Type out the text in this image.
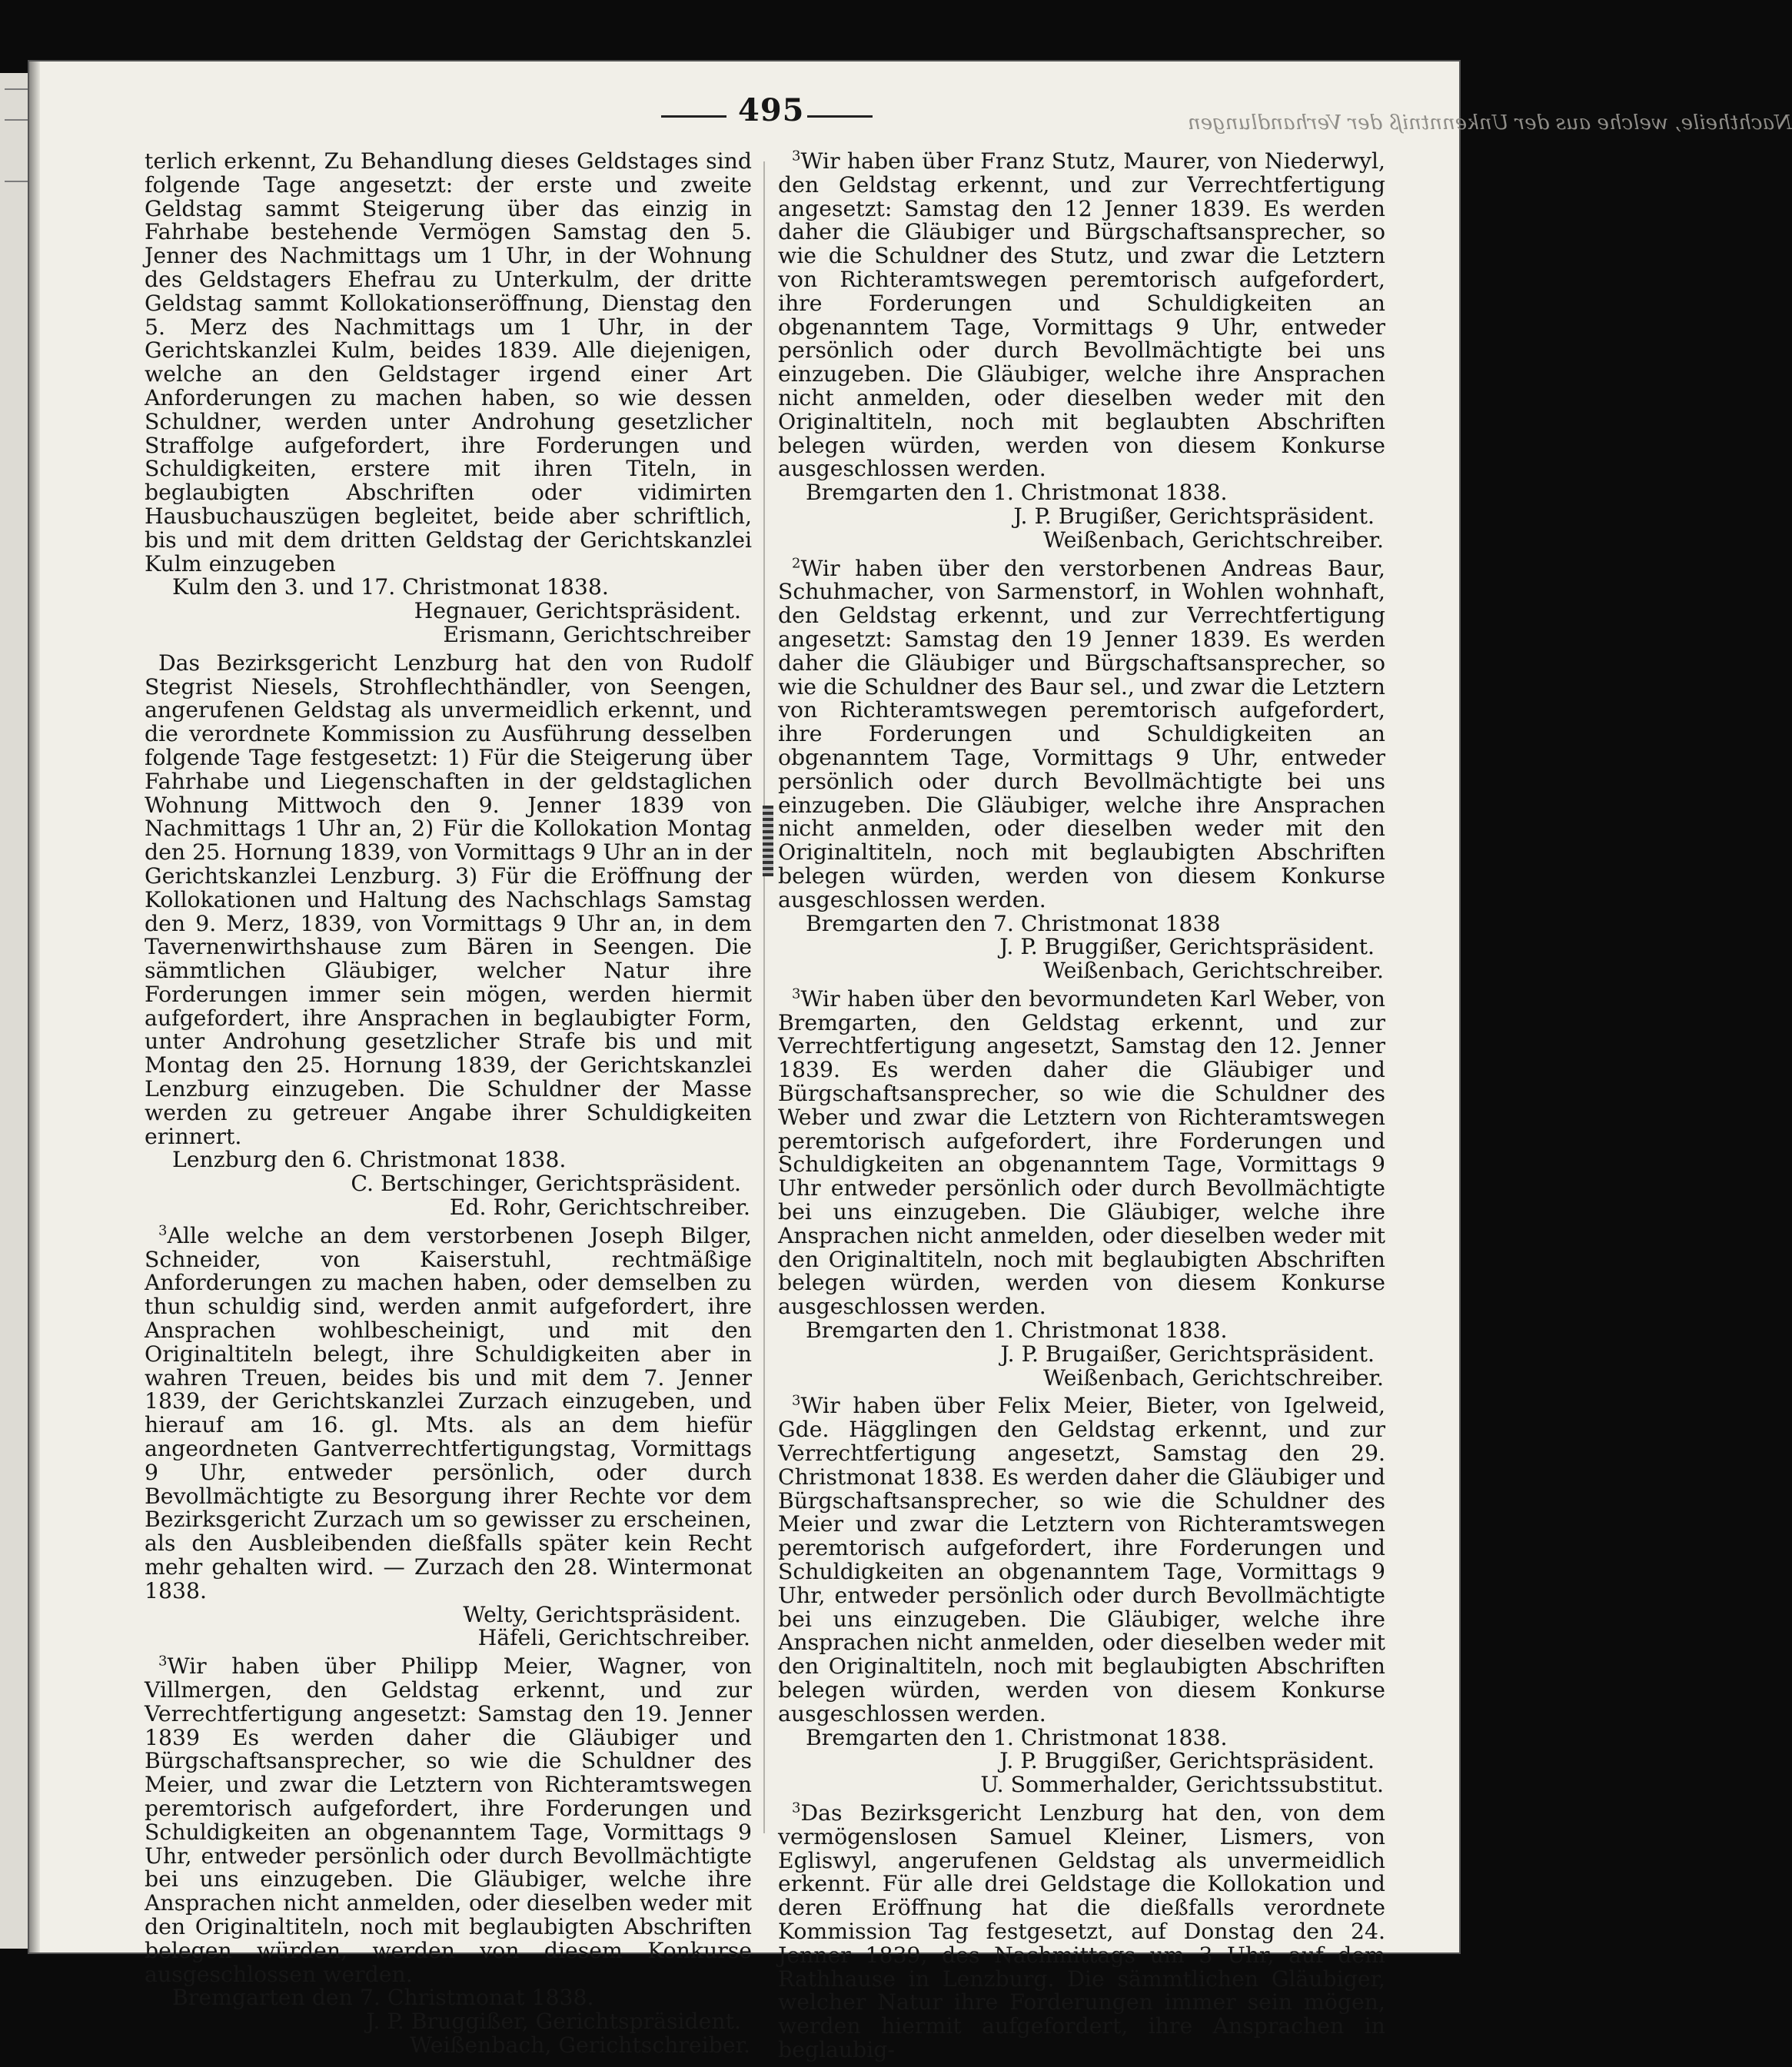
495	Nachtheile, welche aus der Unkenntniß der Verhandlungen

terlich erkennt, Zu Behandlung dieses Geldstages sind folgende Tage angesetzt: der erste und zweite Geldstag sammt Steigerung über das einzig in Fahrhabe bestehende Vermögen Samstag den 5. Jenner des Nachmittags um 1 Uhr, in der Wohnung des Geldstagers Ehefrau zu Unterkulm, der dritte Geldstag sammt Kollokationseröffnung, Dienstag den 5. Merz des Nachmittags um 1 Uhr, in der Gerichtskanzlei Kulm, beides 1839. Alle diejenigen, welche an den Geldstager irgend einer Art Anforderungen zu machen haben, so wie dessen Schuldner, werden unter Androhung gesetzlicher Straffolge aufgefordert, ihre Forderungen und Schuldigkeiten, erstere mit ihren Titeln, in beglaubigten Abschriften oder vidimirten Hausbuchauszügen begleitet, beide aber schriftlich, bis und mit dem dritten Geldstag der Gerichtskanzlei Kulm einzugeben

Kulm den 3. und 17. Christmonat 1838.

Hegnauer, Gerichtspräsident.

Erismann, Gerichtschreiber

Das Bezirksgericht Lenzburg hat den von Rudolf Stegrist Niesels, Strohflechthändler, von Seengen, angerufenen Geldstag als unvermeidlich erkennt, und die verordnete Kommission zu Ausführung desselben folgende Tage festgesetzt: 1) Für die Steigerung über Fahrhabe und Liegenschaften in der geldstaglichen Wohnung Mittwoch den 9. Jenner 1839 von Nachmittags 1 Uhr an, 2) Für die Kollokation Montag den 25. Hornung 1839, von Vormittags 9 Uhr an in der Gerichtskanzlei Lenzburg. 3) Für die Eröffnung der Kollokationen und Haltung des Nachschlags Samstag den 9. Merz, 1839, von Vormittags 9 Uhr an, in dem Tavernenwirthshause zum Bären in Seengen. Die sämmtlichen Gläubiger, welcher Natur ihre Forderungen immer sein mögen, werden hiermit aufgefordert, ihre Ansprachen in beglaubigter Form, unter Androhung gesetzlicher Strafe bis und mit Montag den 25. Hornung 1839, der Gerichtskanzlei Lenzburg einzugeben. Die Schuldner der Masse werden zu getreuer Angabe ihrer Schuldigkeiten erinnert.

Lenzburg den 6. Christmonat 1838.

C. Bertschinger, Gerichtspräsident.

Ed. Rohr, Gerichtschreiber.

$^3$Alle welche an dem verstorbenen Joseph Bilger, Schneider, von Kaiserstuhl, rechtmäßige Anforderungen zu machen haben, oder demselben zu thun schuldig sind, werden anmit aufgefordert, ihre Ansprachen wohlbescheinigt, und mit den Originaltiteln belegt, ihre Schuldigkeiten aber in wahren Treuen, beides bis und mit dem 7. Jenner 1839, der Gerichtskanzlei Zurzach einzugeben, und hierauf am 16. gl. Mts. als an dem hiefür angeordneten Gantverrechtfertigungstag, Vormittags 9 Uhr, entweder persönlich, oder durch Bevollmächtigte zu Besorgung ihrer Rechte vor dem Bezirksgericht Zurzach um so gewisser zu erscheinen, als den Ausbleibenden dießfalls später kein Recht mehr gehalten wird. — Zurzach den 28. Wintermonat 1838.

Welty, Gerichtspräsident.

Häfeli, Gerichtschreiber.

$^3$Wir haben über Philipp Meier, Wagner, von Villmergen, den Geldstag erkennt, und zur Verrechtfertigung angesetzt: Samstag den 19. Jenner 1839 Es werden daher die Gläubiger und Bürgschaftsansprecher, so wie die Schuldner des Meier, und zwar die Letztern von Richteramtswegen peremtorisch aufgefordert, ihre Forderungen und Schuldigkeiten an obgenanntem Tage, Vormittags 9 Uhr, entweder persönlich oder durch Bevollmächtigte bei uns einzugeben. Die Gläubiger, welche ihre Ansprachen nicht anmelden, oder dieselben weder mit den Originaltiteln, noch mit beglaubigten Abschriften belegen würden, werden von diesem Konkurse ausgeschlossen werden.

Bremgarten den 7. Christmonat 1838.

J. P. Bruggißer, Gerichtspräsident.

Weißenbach, Gerichtschreiber.

$^3$Wir haben über Franz Stutz, Maurer, von Niederwyl, den Geldstag erkennt, und zur Verrechtfertigung angesetzt: Samstag den 12 Jenner 1839. Es werden daher die Gläubiger und Bürgschaftsansprecher, so wie die Schuldner des Stutz, und zwar die Letztern von Richteramtswegen peremtorisch aufgefordert, ihre Forderungen und Schuldigkeiten an obgenanntem Tage, Vormittags 9 Uhr, entweder persönlich oder durch Bevollmächtigte bei uns einzugeben. Die Gläubiger, welche ihre Ansprachen nicht anmelden, oder dieselben weder mit den Originaltiteln, noch mit beglaubten Abschriften belegen würden, werden von diesem Konkurse ausgeschlossen werden.

Bremgarten den 1. Christmonat 1838.

J. P. Brugißer, Gerichtspräsident.

Weißenbach, Gerichtschreiber.

$^2$Wir haben über den verstorbenen Andreas Baur, Schuhmacher, von Sarmenstorf, in Wohlen wohnhaft, den Geldstag erkennt, und zur Verrechtfertigung angesetzt: Samstag den 19 Jenner 1839. Es werden daher die Gläubiger und Bürgschaftsansprecher, so wie die Schuldner des Baur sel., und zwar die Letztern von Richteramtswegen peremtorisch aufgefordert, ihre Forderungen und Schuldigkeiten an obgenanntem Tage, Vormittags 9 Uhr, entweder persönlich oder durch Bevollmächtigte bei uns einzugeben. Die Gläubiger, welche ihre Ansprachen nicht anmelden, oder dieselben weder mit den Originaltiteln, noch mit beglaubigten Abschriften belegen würden, werden von diesem Konkurse ausgeschlossen werden.

Bremgarten den 7. Christmonat 1838

J. P. Bruggißer, Gerichtspräsident.

Weißenbach, Gerichtschreiber.

$^3$Wir haben über den bevormundeten Karl Weber, von Bremgarten, den Geldstag erkennt, und zur Verrechtfertigung angesetzt, Samstag den 12. Jenner 1839. Es werden daher die Gläubiger und Bürgschaftsansprecher, so wie die Schuldner des Weber und zwar die Letztern von Richteramtswegen peremtorisch aufgefordert, ihre Forderungen und Schuldigkeiten an obgenanntem Tage, Vormittags 9 Uhr entweder persönlich oder durch Bevollmächtigte bei uns einzugeben. Die Gläubiger, welche ihre Ansprachen nicht anmelden, oder dieselben weder mit den Originaltiteln, noch mit beglaubigten Abschriften belegen würden, werden von diesem Konkurse ausgeschlossen werden.

Bremgarten den 1. Christmonat 1838.

J. P. Brugaißer, Gerichtspräsident.

Weißenbach, Gerichtschreiber.

$^3$Wir haben über Felix Meier, Bieter, von Igelweid, Gde. Hägglingen den Geldstag erkennt, und zur Verrechtfertigung angesetzt, Samstag den 29. Christmonat 1838. Es werden daher die Gläubiger und Bürgschaftsansprecher, so wie die Schuldner des Meier und zwar die Letztern von Richteramtswegen peremtorisch aufgefordert, ihre Forderungen und Schuldigkeiten an obgenanntem Tage, Vormittags 9 Uhr, entweder persönlich oder durch Bevollmächtigte bei uns einzugeben. Die Gläubiger, welche ihre Ansprachen nicht anmelden, oder dieselben weder mit den Originaltiteln, noch mit beglaubigten Abschriften belegen würden, werden von diesem Konkurse ausgeschlossen werden.

Bremgarten den 1. Christmonat 1838.

J. P. Bruggißer, Gerichtspräsident.

U. Sommerhalder, Gerichtssubstitut.

$^3$Das Bezirksgericht Lenzburg hat den, von dem vermögenslosen Samuel Kleiner, Lismers, von Egliswyl, angerufenen Geldstag als unvermeidlich erkennt. Für alle drei Geldstage die Kollokation und deren Eröffnung hat die dießfalls verordnete Kommission Tag festgesetzt, auf Donstag den 24. Jenner 1839, des Nachmittags um 3 Uhr, auf dem Rathhause in Lenzburg. Die sämmtlichen Gläubiger, welcher Natur ihre Forderungen immer sein mögen, werden hiermit aufgefordert, ihre Ansprachen in beglaubig-
